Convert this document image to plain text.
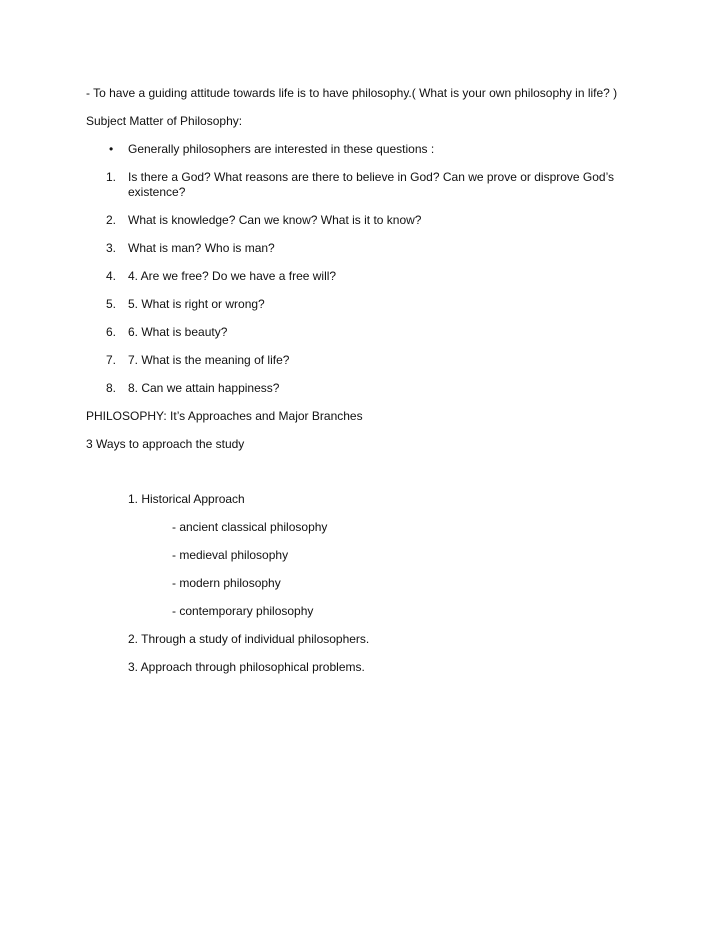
- To have a guiding attitude towards life is to have philosophy.( What is your own philosophy in life? )
Subject Matter of Philosophy:
• Generally philosophers are interested in these questions :
1. Is there a God? What reasons are there to believe in God? Can we prove or disprove God’s existence?
2. What is knowledge? Can we know? What is it to know?
3. What is man? Who is man?
4. 4. Are we free? Do we have a free will?
5. 5. What is right or wrong?
6. 6. What is beauty?
7. 7. What is the meaning of life?
8. 8. Can we attain happiness?
PHILOSOPHY: It’s Approaches and Major Branches
3 Ways to approach the study
1. Historical Approach
- ancient classical philosophy
- medieval philosophy
- modern philosophy
- contemporary philosophy
2. Through a study of individual philosophers.
3. Approach through philosophical problems.
